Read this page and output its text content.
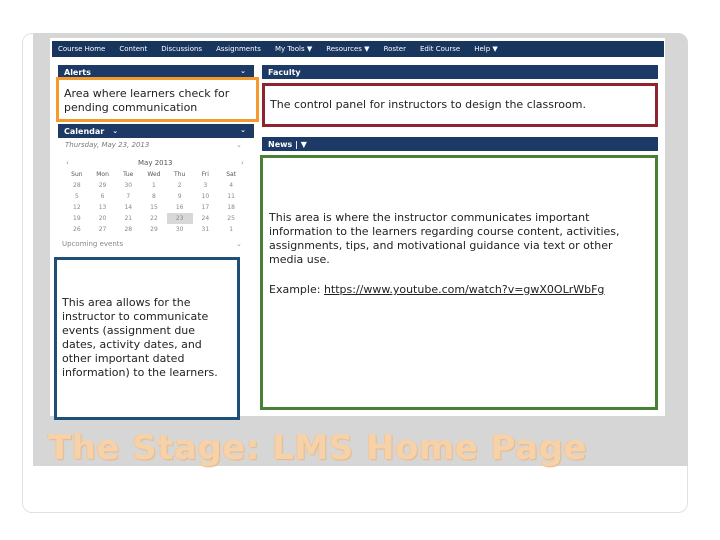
Course Home Content Discussions Assignments My Tools ▼ Resources ▼ Roster Edit Course Help ▼
Alerts	⌄	Faculty
Calendar ⌄	⌄
News | ▼
Thursday, May 23, 2013	⌄
‹	May 2013	›
Sun	Mon	Tue	Wed	Thu	Fri	Sat
28	29	30	1	2	3	4
5	6	7	8	9	10	11
12	13	14	15	16	17	18
19	20	21	22	23	24	25
26	27	28	29	30	31	1
Upcoming events	⌄
Area where learners check for pending communication	The control panel for instructors to design the classroom.
This area allows for the instructor to communicate events (assignment due dates, activity dates, and other important dated information) to the learners.
This area is where the instructor communicates important information to the learners regarding course content, activities, assignments, tips, and motivational guidance via text or other media use.
Example: https://www.youtube.com/watch?v=gwX0OLrWbFg
The Stage: LMS Home Page
